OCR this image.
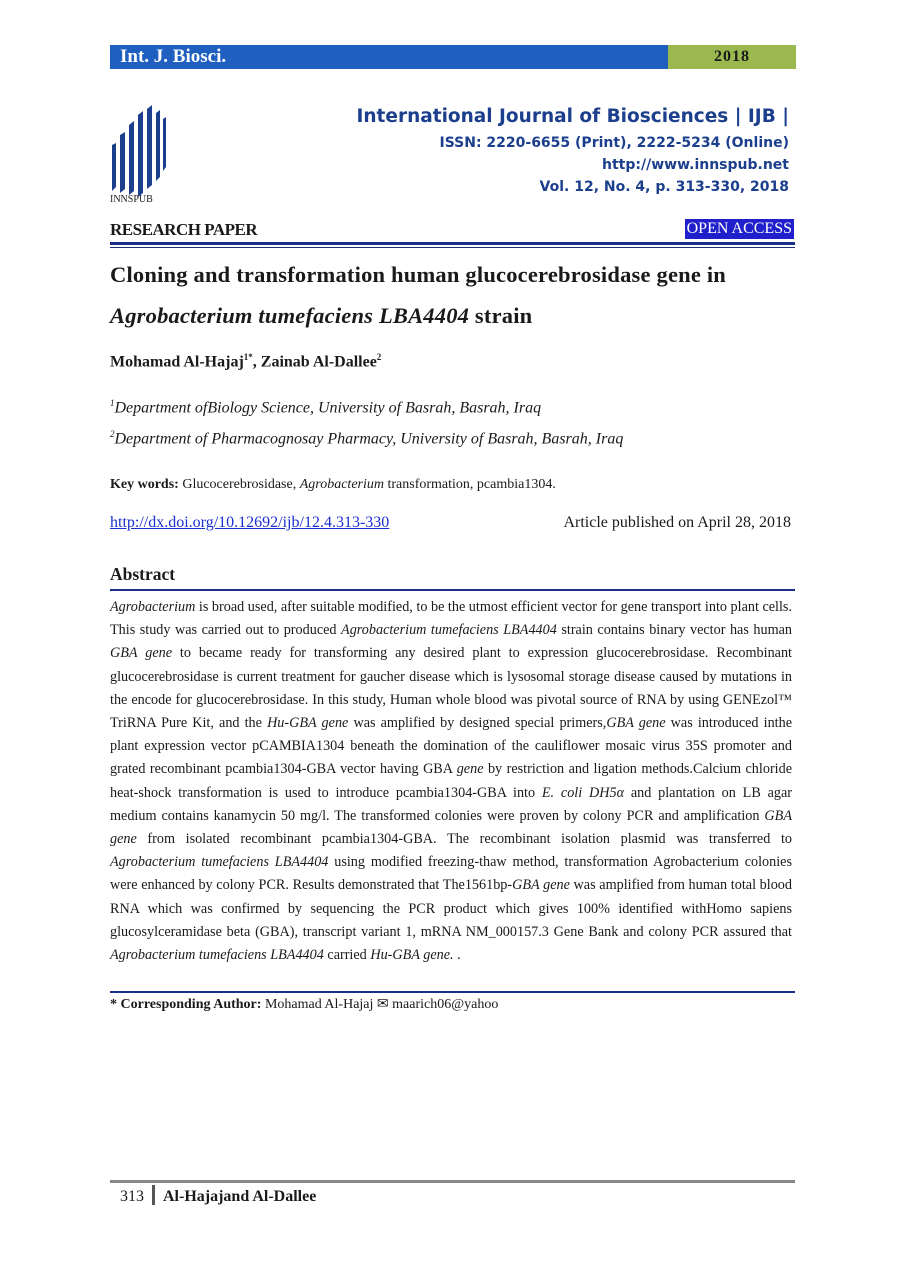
Int. J. Biosci.	2018
INNSPUB
International Journal of Biosciences | IJB |
ISSN: 2220-6655 (Print), 2222-5234 (Online)
http://www.innspub.net
Vol. 12, No. 4, p. 313-330, 2018
RESEARCH PAPER	OPEN ACCESS
Cloning and transformation human glucocerebrosidase gene in
Agrobacterium tumefaciens LBA4404 strain
Mohamad Al-Hajaj$^{1*}$, Zainab Al-Dallee$^2$
$^1$Department ofBiology Science, University of Basrah, Basrah, Iraq
$^2$Department of Pharmacognosay Pharmacy, University of Basrah, Basrah, Iraq
Key words: Glucocerebrosidase, Agrobacterium transformation, pcambia1304.
http://dx.doi.org/10.12692/ijb/12.4.313-330	Article published on April 28, 2018
Abstract
Agrobacterium is broad used, after suitable modified, to be the utmost efficient vector for gene transport into plant cells. This study was carried out to produced Agrobacterium tumefaciens LBA4404 strain contains binary vector has human GBA gene to became ready for transforming any desired plant to expression glucocerebrosidase. Recombinant glucocerebrosidase is current treatment for gaucher disease which is lysosomal storage disease caused by mutations in the encode for glucocerebrosidase. In this study, Human whole blood was pivotal source of RNA by using GENEzol™ TriRNA Pure Kit, and the Hu-GBA gene was amplified by designed special primers,GBA gene was introduced inthe plant expression vector pCAMBIA1304 beneath the domination of the cauliflower mosaic virus 35S promoter and grated recombinant pcambia1304-GBA vector having GBA gene by restriction and ligation methods.Calcium chloride heat-shock transformation is used to introduce pcambia1304-GBA into E. coli DH5α and plantation on LB agar medium contains kanamycin 50 mg/l. The transformed colonies were proven by colony PCR and amplification GBA gene from isolated recombinant pcambia1304-GBA. The recombinant isolation plasmid was transferred to Agrobacterium tumefaciens LBA4404 using modified freezing-thaw method, transformation Agrobacterium colonies were enhanced by colony PCR. Results demonstrated that The1561bp-GBA gene was amplified from human total blood RNA which was confirmed by sequencing the PCR product which gives 100% identified withHomo sapiens glucosylceramidase beta (GBA), transcript variant 1, mRNA NM_000157.3 Gene Bank and colony PCR assured that Agrobacterium tumefaciens LBA4404 carried Hu-GBA gene. .
* Corresponding Author: Mohamad Al-Hajaj ✉ maarich06@yahoo
313 Al-Hajajand Al-Dallee
